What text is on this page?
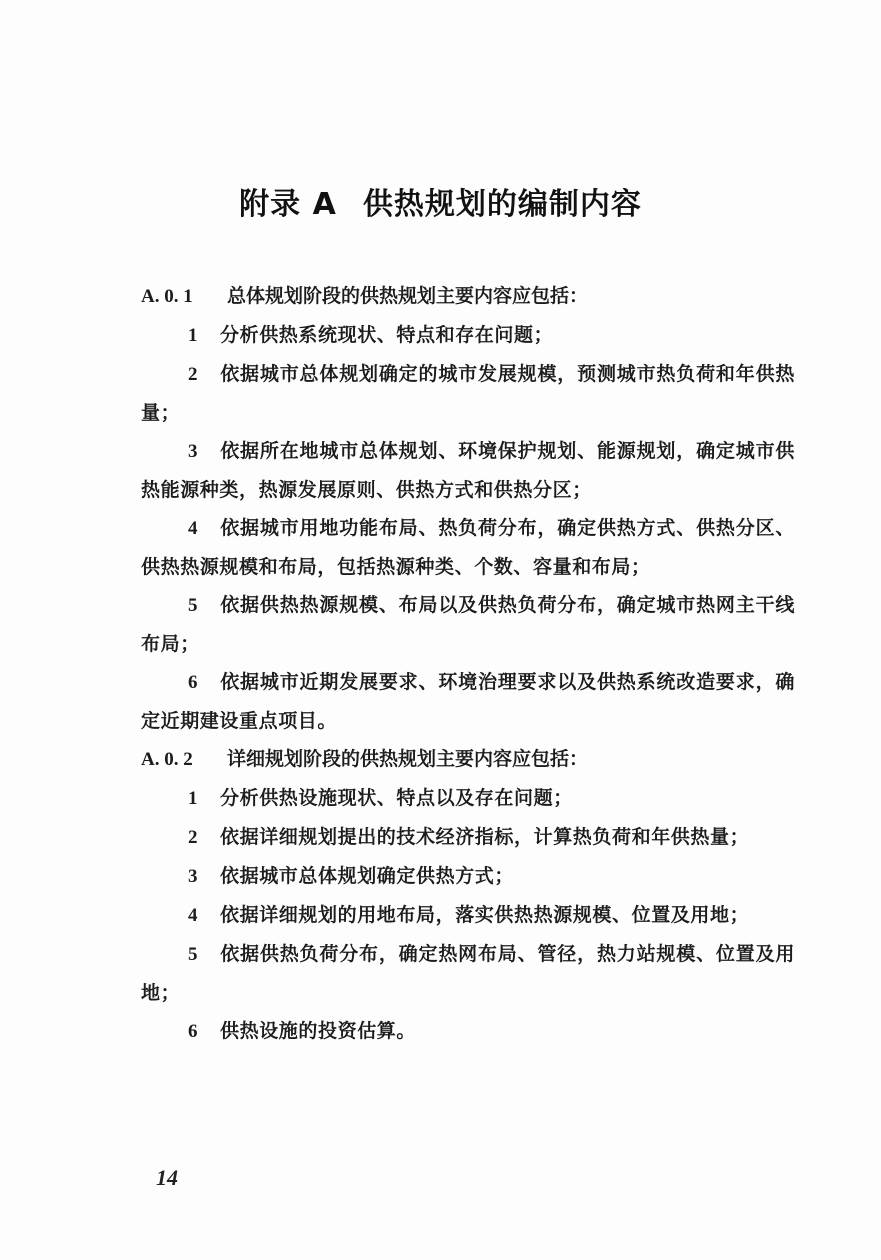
附录 A 供热规划的编制内容

A. 0. 1 总体规划阶段的供热规划主要内容应包括：

1 分析供热系统现状、特点和存在问题；

2 依据城市总体规划确定的城市发展规模，预测城市热负荷和年供热量；

3 依据所在地城市总体规划、环境保护规划、能源规划，确定城市供热能源种类，热源发展原则、供热方式和供热分区；

4 依据城市用地功能布局、热负荷分布，确定供热方式、供热分区、供热热源规模和布局，包括热源种类、个数、容量和布局；

5 依据供热热源规模、布局以及供热负荷分布，确定城市热网主干线布局；

6 依据城市近期发展要求、环境治理要求以及供热系统改造要求，确定近期建设重点项目。

A. 0. 2 详细规划阶段的供热规划主要内容应包括：

1 分析供热设施现状、特点以及存在问题；

2 依据详细规划提出的技术经济指标，计算热负荷和年供热量；

3 依据城市总体规划确定供热方式；

4 依据详细规划的用地布局，落实供热热源规模、位置及用地；

5 依据供热负荷分布，确定热网布局、管径，热力站规模、位置及用地；

6 供热设施的投资估算。

14
